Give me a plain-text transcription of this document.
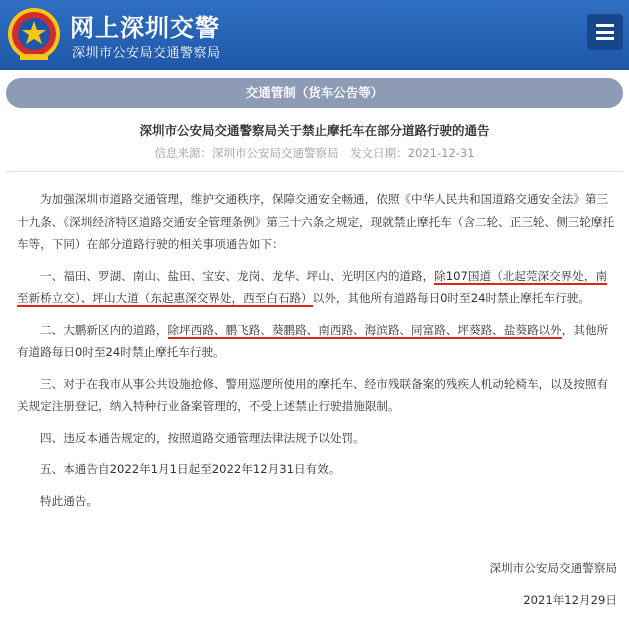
网上深圳交警
深圳市公安局交通警察局
交通管制（货车公告等）
深圳市公安局交通警察局关于禁止摩托车在部分道路行驶的通告
信息来源：深圳市公安局交通警察局 发文日期：2021-12-31

为加强深圳市道路交通管理，维护交通秩序，保障交通安全畅通，依照《中华人民共和国道路交通安全法》第三十九条、《深圳经济特区道路交通安全管理条例》第三十六条之规定，现就禁止摩托车（含二轮、正三轮、侧三轮摩托车等，下同）在部分道路行驶的相关事项通告如下：

一、福田、罗湖、南山、盐田、宝安、龙岗、龙华、坪山、光明区内的道路，除107国道（北起莞深交界处，南至新桥立交）、坪山大道（东起惠深交界处，西至白石路）以外，其他所有道路每日0时至24时禁止摩托车行驶。

二、大鹏新区内的道路，除坪西路、鹏飞路、葵鹏路、南西路、海滨路、同富路、坪葵路、盐葵路以外，其他所有道路每日0时至24时禁止摩托车行驶。

三、对于在我市从事公共设施抢修、警用巡逻所使用的摩托车、经市残联备案的残疾人机动轮椅车，以及按照有关规定注册登记，纳入特种行业备案管理的，不受上述禁止行驶措施限制。

四、违反本通告规定的，按照道路交通管理法律法规予以处罚。

五、本通告自2022年1月1日起至2022年12月31日有效。

特此通告。

深圳市公安局交通警察局
2021年12月29日
